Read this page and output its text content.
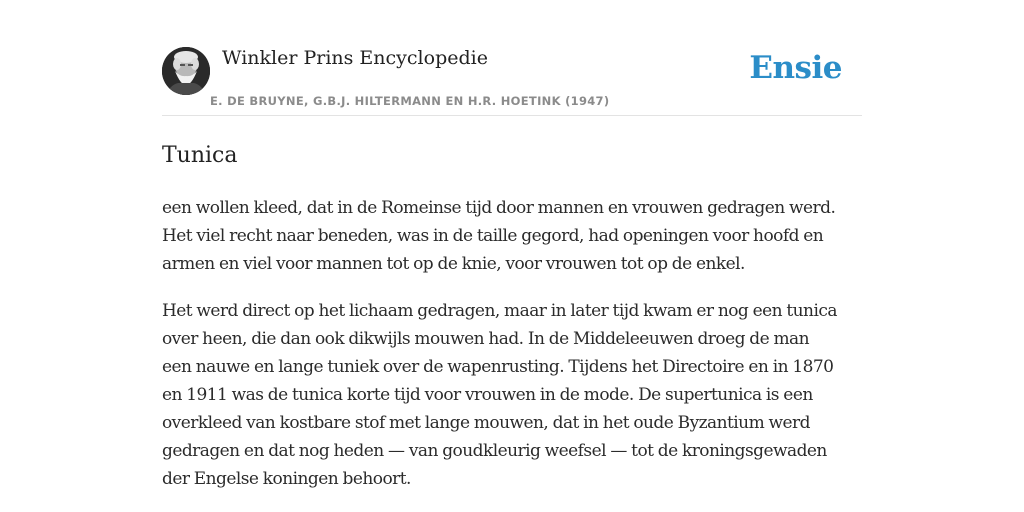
Winkler Prins Encyclopedie
E. DE BRUYNE, G.B.J. HILTERMANN EN H.R. HOETINK (1947)
Ensie
Tunica

een wollen kleed, dat in de Romeinse tijd door mannen en vrouwen gedragen werd.
Het viel recht naar beneden, was in de taille gegord, had openingen voor hoofd en
armen en viel voor mannen tot op de knie, voor vrouwen tot op de enkel.

Het werd direct op het lichaam gedragen, maar in later tijd kwam er nog een tunica
over heen, die dan ook dikwijls mouwen had. In de Middeleeuwen droeg de man
een nauwe en lange tuniek over de wapenrusting. Tijdens het Directoire en in 1870
en 1911 was de tunica korte tijd voor vrouwen in de mode. De supertunica is een
overkleed van kostbare stof met lange mouwen, dat in het oude Byzantium werd
gedragen en dat nog heden — van goudkleurig weefsel — tot de kroningsgewaden
der Engelse koningen behoort.
